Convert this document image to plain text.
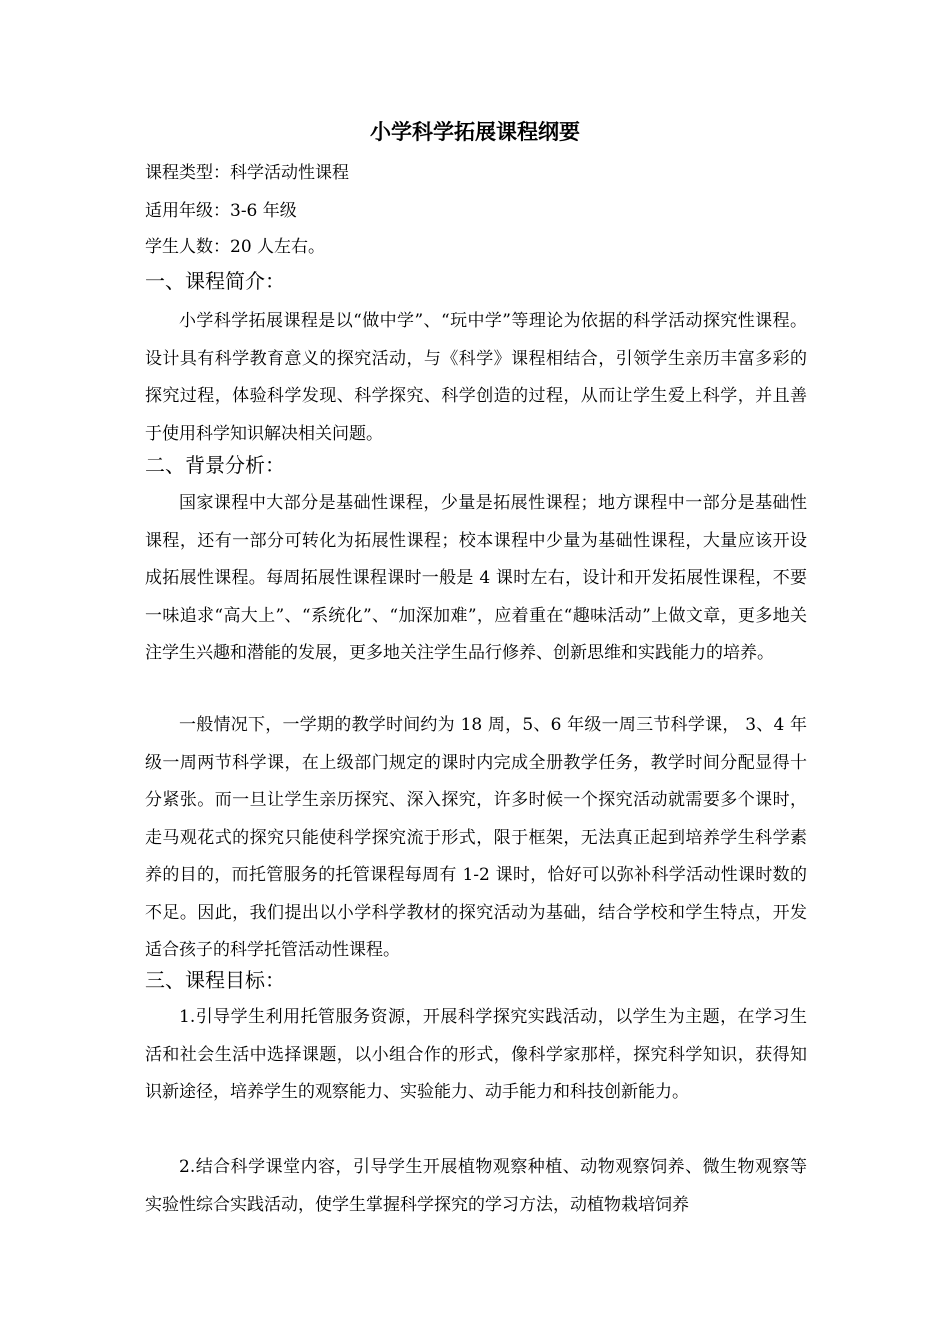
小学科学拓展课程纲要
课程类型：科学活动性课程
适用年级：3-6 年级
学生人数：20 人左右。
一、课程简介：

小学科学拓展课程是以“做中学”、“玩中学”等理论为依据的科学活动探究性课程。设计具有科学教育意义的探究活动，与《科学》课程相结合，引领学生亲历丰富多彩的探究过程，体验科学发现、科学探究、科学创造的过程，从而让学生爱上科学，并且善于使用科学知识解决相关问题。

二、背景分析：

国家课程中大部分是基础性课程，少量是拓展性课程；地方课程中一部分是基础性课程，还有一部分可转化为拓展性课程；校本课程中少量为基础性课程，大量应该开设成拓展性课程。每周拓展性课程课时一般是 4 课时左右，设计和开发拓展性课程，不要一味追求“高大上”、“系统化”、“加深加难”，应着重在“趣味活动”上做文章，更多地关注学生兴趣和潜能的发展，更多地关注学生品行修养、创新思维和实践能力的培养。

一般情况下，一学期的教学时间约为 18 周，5、6 年级一周三节科学课， 3、4 年级一周两节科学课，在上级部门规定的课时内完成全册教学任务，教学时间分配显得十分紧张。而一旦让学生亲历探究、深入探究，许多时候一个探究活动就需要多个课时，走马观花式的探究只能使科学探究流于形式，限于框架，无法真正起到培养学生科学素养的目的，而托管服务的托管课程每周有 1-2 课时，恰好可以弥补科学活动性课时数的不足。因此，我们提出以小学科学教材的探究活动为基础，结合学校和学生特点，开发适合孩子的科学托管活动性课程。

三、课程目标：

1.引导学生利用托管服务资源，开展科学探究实践活动，以学生为主题，在学习生活和社会生活中选择课题，以小组合作的形式，像科学家那样，探究科学知识，获得知识新途径，培养学生的观察能力、实验能力、动手能力和科技创新能力。

2.结合科学课堂内容，引导学生开展植物观察种植、动物观察饲养、微生物观察等实验性综合实践活动，使学生掌握科学探究的学习方法，动植物栽培饲养
